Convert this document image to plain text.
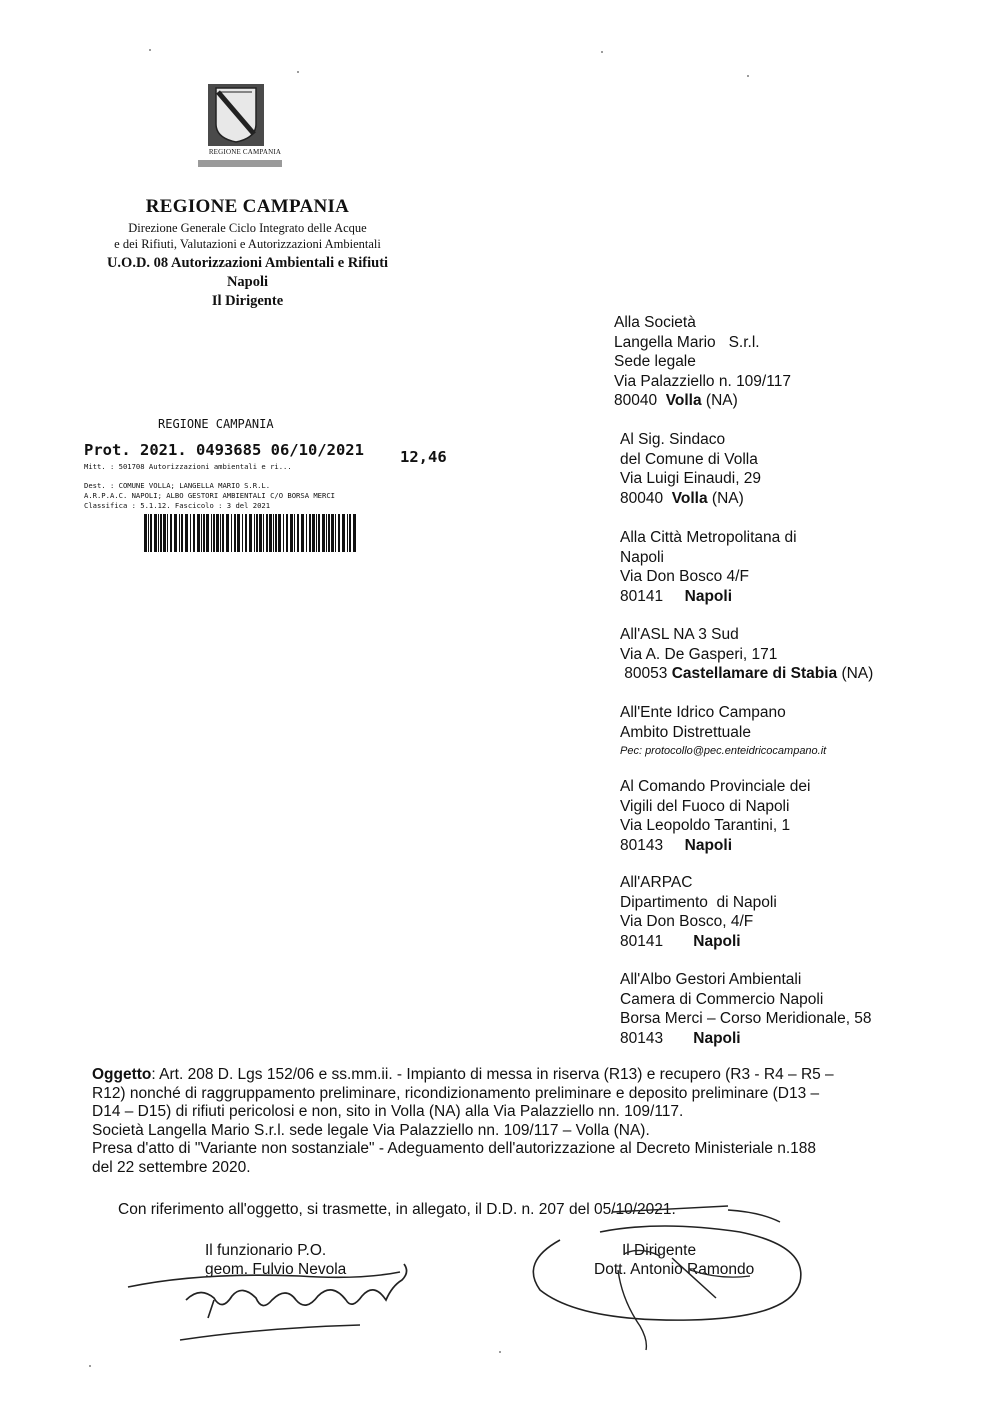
REGIONE CAMPANIA
REGIONE CAMPANIA
Direzione Generale Ciclo Integrato delle Acque
e dei Rifiuti, Valutazioni e Autorizzazioni Ambientali
U.O.D. 08 Autorizzazioni Ambientali e Rifiuti
Napoli
Il Dirigente
REGIONE CAMPANIA
Prot. 2021. 0493685 06/10/2021 12,46
Mitt. : 501708 Autorizzazioni ambientali e ri...
Dest. : COMUNE VOLLA; LANGELLA MARIO S.R.L.
A.R.P.A.C. NAPOLI; ALBO GESTORI AMBIENTALI C/O BORSA MERCI
Classifica : 5.1.12. Fascicolo : 3 del 2021
Alla Società
Langella Mario   S.r.l.
Sede legale
Via Palazziello n. 109/117
80040  Volla (NA)
Al Sig. Sindaco
del Comune di Volla
Via Luigi Einaudi, 29
80040  Volla (NA)
Alla Città Metropolitana di
Napoli
Via Don Bosco 4/F
80141     Napoli
All'ASL NA 3 Sud
Via A. De Gasperi, 171
80053 Castellamare di Stabia (NA)
All'Ente Idrico Campano
Ambito Distrettuale
Pec: protocollo@pec.enteidricocampano.it
Al Comando Provinciale dei
Vigili del Fuoco di Napoli
Via Leopoldo Tarantini, 1
80143     Napoli
All'ARPAC
Dipartimento  di Napoli
Via Don Bosco, 4/F
80141       Napoli
All'Albo Gestori Ambientali
Camera di Commercio Napoli
Borsa Merci – Corso Meridionale, 58
80143       Napoli
Oggetto: Art. 208 D. Lgs 152/06 e ss.mm.ii. - Impianto di messa in riserva (R13) e recupero (R3 - R4 – R5 –
R12) nonché di raggruppamento preliminare, ricondizionamento preliminare e deposito preliminare (D13 –
D14 – D15) di rifiuti pericolosi e non, sito in Volla (NA) alla Via Palazziello nn. 109/117.
Società Langella Mario S.r.l. sede legale Via Palazziello nn. 109/117 – Volla (NA).
Presa d'atto di "Variante non sostanziale" - Adeguamento dell'autorizzazione al Decreto Ministeriale n.188
del 22 settembre 2020.
Con riferimento all'oggetto, si trasmette, in allegato, il D.D. n. 207 del 05/10/2021.
Il funzionario P.O.
geom. Fulvio Nevola
Il Dirigente
Dott. Antonio Ramondo
